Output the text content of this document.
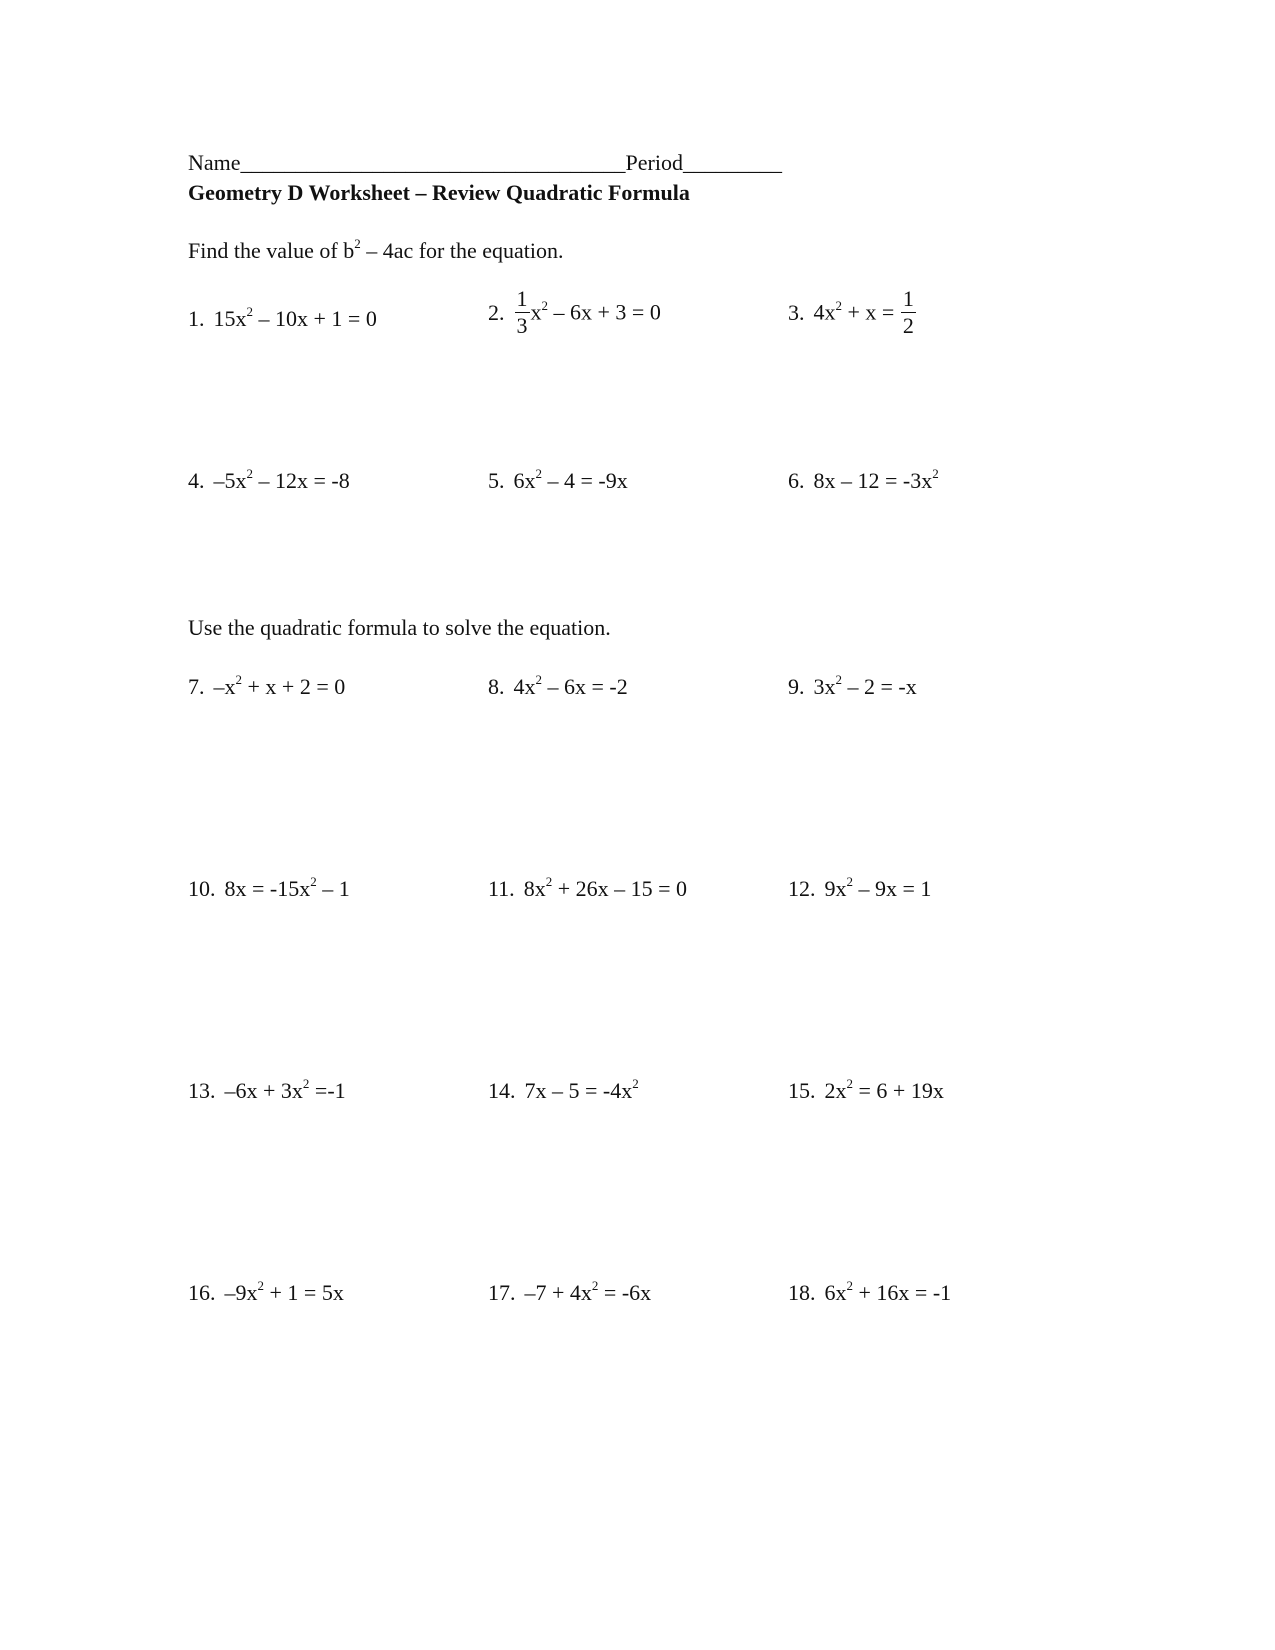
Name___________________________________Period_________
Geometry D Worksheet – Review Quadratic Formula
Find the value of $b^2 - 4ac$ for the equation.
1. $15x^2 - 10x + 1 = 0$	2. $\frac{1}{3} x^2 - 6x + 3 = 0$	3. $4x^2 + x = \frac{1}{2}$
4. $-5x^2 - 12x = -8$	5. $6x^2 - 4 = -9x$	6. $8x - 12 = -3x^2$
Use the quadratic formula to solve the equation.
7. $-x^2 + x + 2 = 0$	8. $4x^2 - 6x = -2$	9. $3x^2 - 2 = -x$
10. $8x = -15x^2 - 1$	11. $8x^2 + 26x - 15 = 0$	12. $9x^2 - 9x = 1$
13. $-6x + 3x^2 =-1$	14. $7x - 5 = -4x^2$	15. $2x^2 = 6 + 19x$
16. $-9x^2 + 1 = 5x$	17. $-7 + 4x^2 = -6x$	18. $6x^2 + 16x = -1$
